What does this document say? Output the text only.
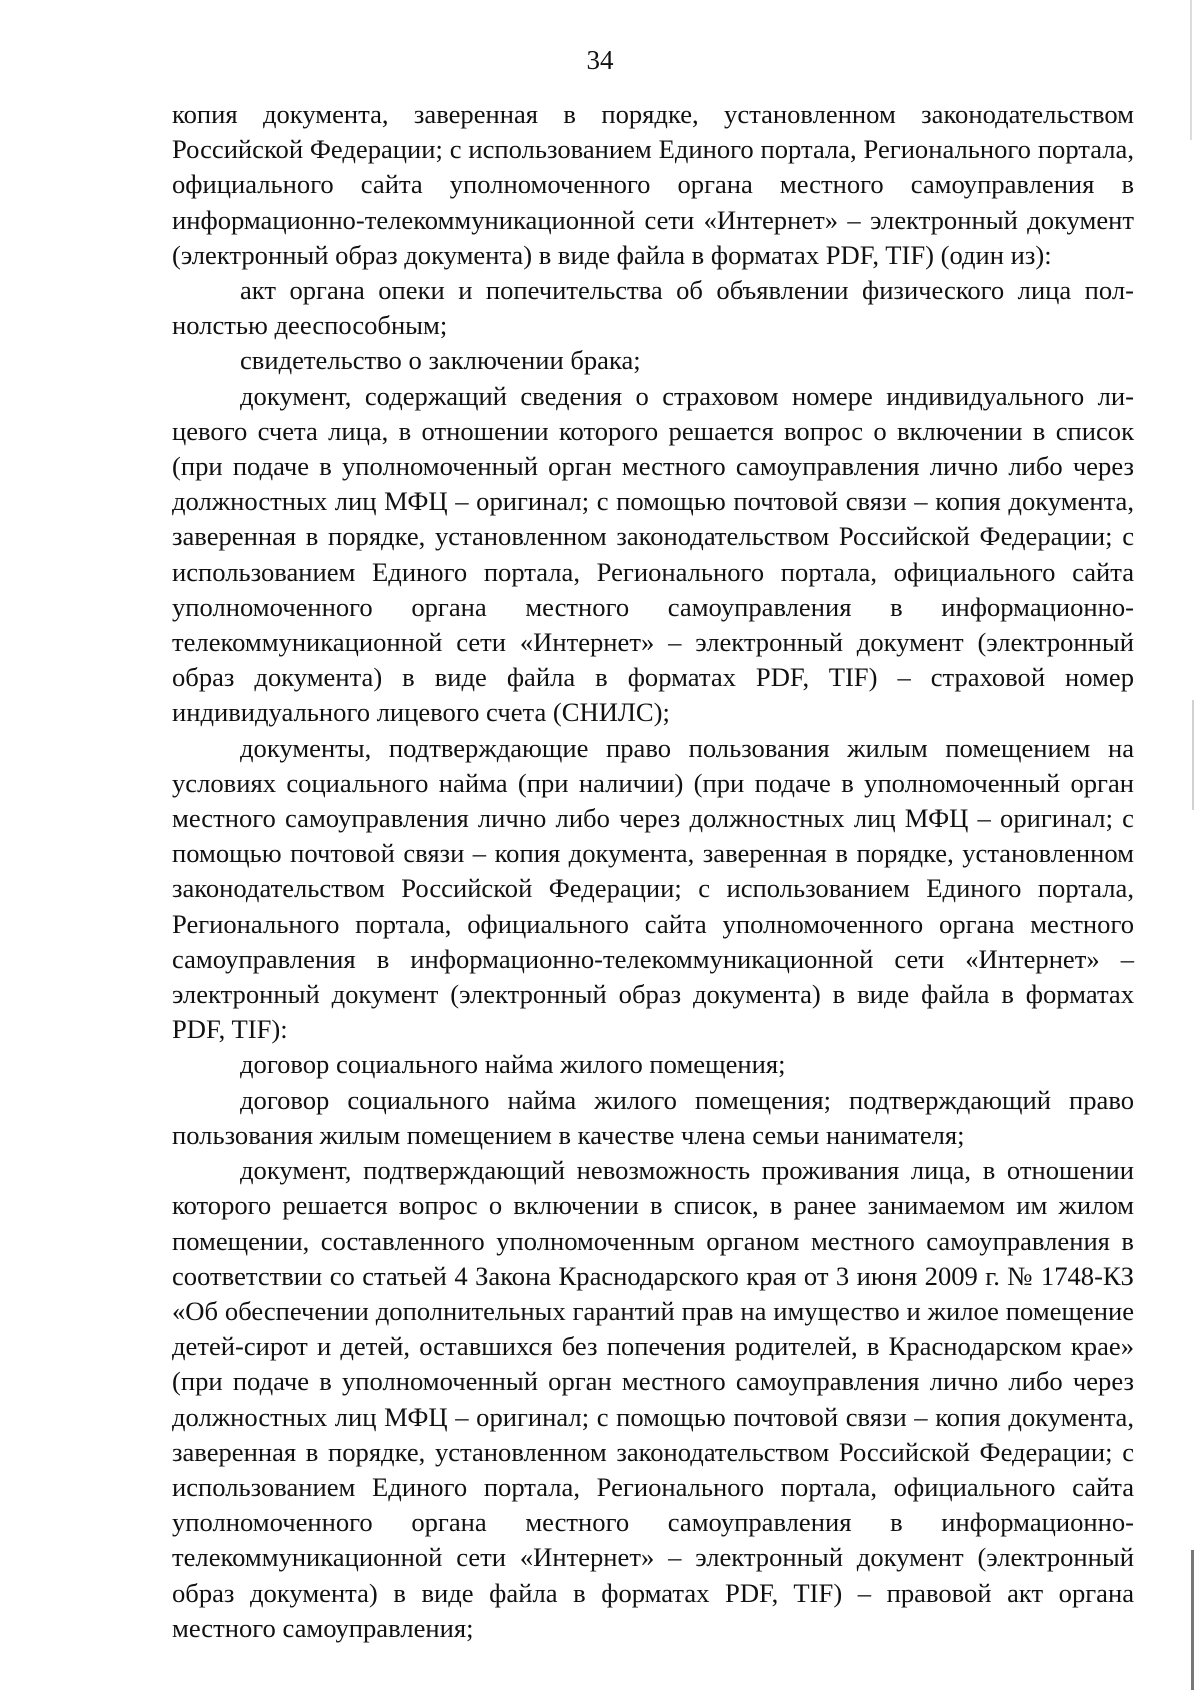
34

копия документа, заверенная в порядке, установленном законодательством Российской Федерации; с использованием Единого портала, Регионального портала, официального сайта уполномоченного органа местного самоуправления в информационно-телекоммуникационной сети «Интернет» – электронный документ (электронный образ документа) в виде файла в форматах PDF, TIF) (один из):

акт органа опеки и попечительства об объявлении физического лица полнолстью дееспособным;

свидетельство о заключении брака;

документ, содержащий сведения о страховом номере индивидуального лицевого счета лица, в отношении которого решается вопрос о включении в список (при подаче в уполномоченный орган местного самоуправления лично либо через должностных лиц МФЦ – оригинал; с помощью почтовой связи – копия документа, заверенная в порядке, установленном законодательством Российской Федерации; с использованием Единого портала, Регионального портала, официального сайта уполномоченного органа местного самоуправления в информационно-телекоммуникационной сети «Интернет» – электронный документ (электронный образ документа) в виде файла в форматах PDF, TIF) – страховой номер индивидуального лицевого счета (СНИЛС);

документы, подтверждающие право пользования жилым помещением на условиях социального найма (при наличии) (при подаче в уполномоченный орган местного самоуправления лично либо через должностных лиц МФЦ – оригинал; с помощью почтовой связи – копия документа, заверенная в порядке, установленном законодательством Российской Федерации; с использованием Единого портала, Регионального портала, официального сайта уполномоченного органа местного самоуправления в информационно-телекоммуникационной сети «Интернет» – электронный документ (электронный образ документа) в виде файла в форматах PDF, TIF):

договор социального найма жилого помещения;

договор социального найма жилого помещения; подтверждающий право пользования жилым помещением в качестве члена семьи нанимателя;

документ, подтверждающий невозможность проживания лица, в отношении которого решается вопрос о включении в список, в ранее занимаемом им жилом помещении, составленного уполномоченным органом местного самоуправления в соответствии со статьей 4 Закона Краснодарского края от 3 июня 2009 г. № 1748-КЗ «Об обеспечении дополнительных гарантий прав на имущество и жилое помещение детей-сирот и детей, оставшихся без попечения родителей, в Краснодарском крае» (при подаче в уполномоченный орган местного самоуправления лично либо через должностных лиц МФЦ – оригинал; с помощью почтовой связи – копия документа, заверенная в порядке, установленном законодательством Российской Федерации; с использованием Единого портала, Регионального портала, официального сайта уполномоченного органа местного самоуправления в информационно-телекоммуникационной сети «Интернет» – электронный документ (электронный образ документа) в виде файла в форматах PDF, TIF) – правовой акт органа местного самоуправления;
